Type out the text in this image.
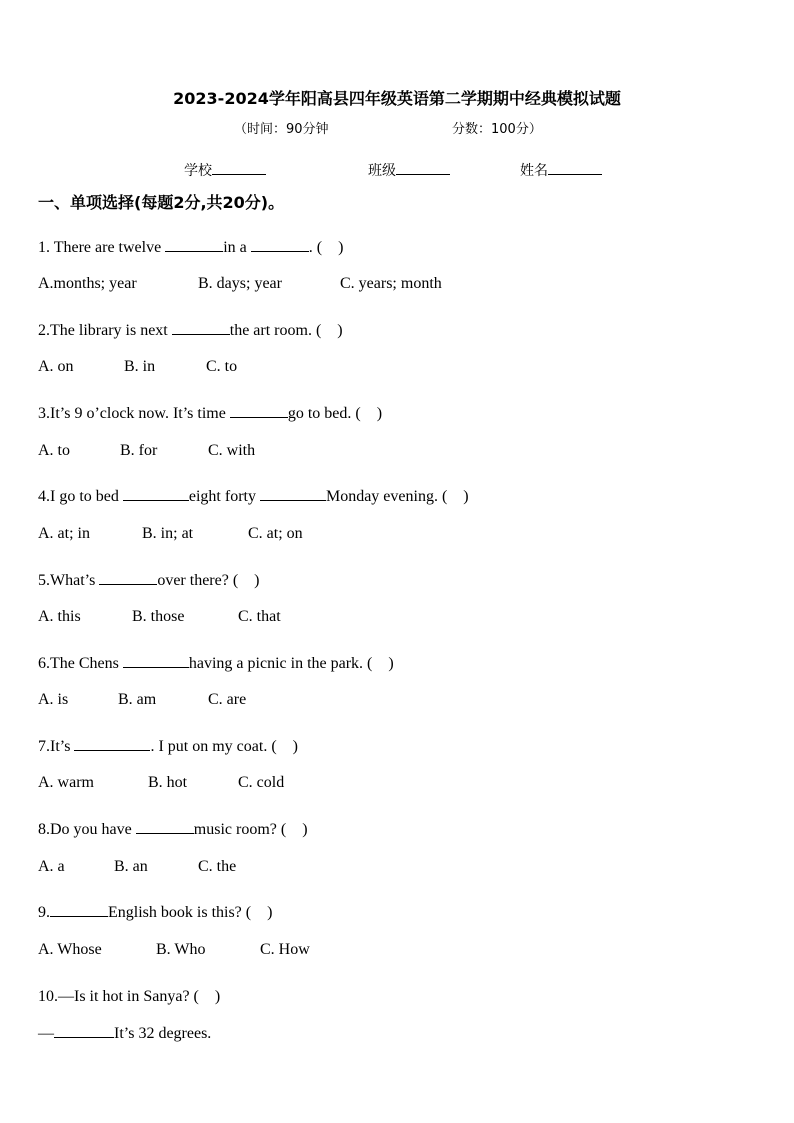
2023-2024学年阳高县四年级英语第二学期期中经典模拟试题
（时间：90分钟	分数：100分）
学校	班级	姓名
一、单项选择(每题2分,共20分)。
1. There are twelve	in a	. (　)
A.months; year	B. days; year	C. years; month
2.The library is next	the art room. (　)
A. on	B. in	C. to
3.It’s 9 o’clock now. It’s time	go to bed. (　)
A. to	B. for	C. with
4.I go to bed	eight forty	Monday evening. (　)
A. at; in	B. in; at	C. at; on
5.What’s	over there? (　)
A. this	B. those	C. that
6.The Chens	having a picnic in the park. (　)
A. is	B. am	C. are
7.It’s	. I put on my coat. (　)
A. warm	B. hot	C. cold
8.Do you have	music room? (　)
A. a	B. an	C. the
9.	English book is this? (　)
A. Whose	B. Who	C. How
10.—Is it hot in Sanya? (　)
—	It’s 32 degrees.
